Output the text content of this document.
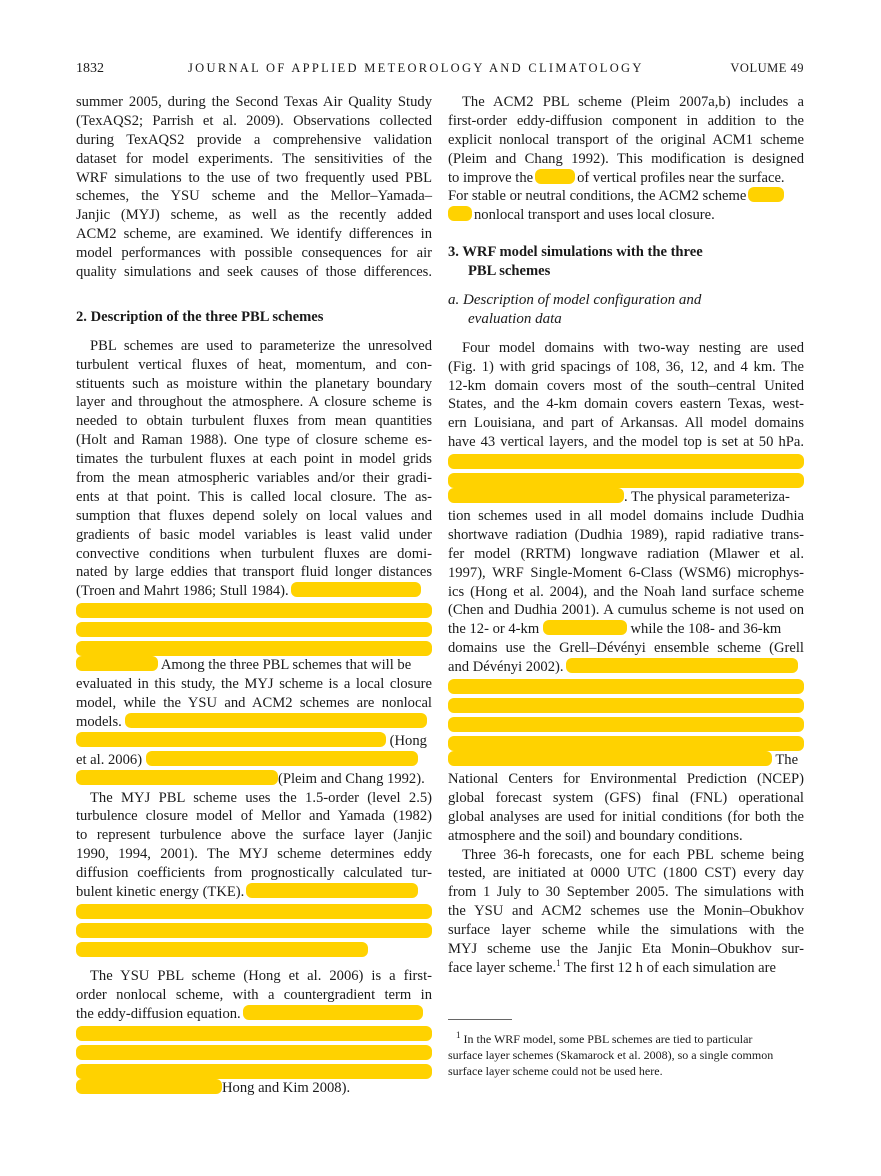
1832	JOURNAL OF APPLIED METEOROLOGY AND CLIMATOLOGY	VOLUME 49
summer 2005, during the Second Texas Air Quality Study
(TexAQS2; Parrish et al. 2009). Observations collected
during TexAQS2 provide a comprehensive validation
dataset for model experiments. The sensitivities of the
WRF simulations to the use of two frequently used PBL
schemes, the YSU scheme and the Mellor–Yamada–
Janjic (MYJ) scheme, as well as the recently added
ACM2 scheme, are examined. We identify differences in
model performances with possible consequences for air
quality simulations and seek causes of those differences.
2. Description of the three PBL schemes
PBL schemes are used to parameterize the unresolved
turbulent vertical fluxes of heat, momentum, and con-
stituents such as moisture within the planetary boundary
layer and throughout the atmosphere. A closure scheme is
needed to obtain turbulent fluxes from mean quantities
(Holt and Raman 1988). One type of closure scheme es-
timates the turbulent fluxes at each point in model grids
from the mean atmospheric variables and/or their gradi-
ents at that point. This is called local closure. The as-
sumption that fluxes depend solely on local values and
gradients of basic model variables is least valid under
convective conditions when turbulent fluxes are domi-
nated by large eddies that transport fluid longer distances
(Troen and Mahrt 1986; Stull 1984).
Among the three PBL schemes that will be
evaluated in this study, the MYJ scheme is a local closure
model, while the YSU and ACM2 schemes are nonlocal
models.
(Hong
et al. 2006)
(Pleim and Chang 1992).
The MYJ PBL scheme uses the 1.5-order (level 2.5)
turbulence closure model of Mellor and Yamada (1982)
to represent turbulence above the surface layer (Janjic
1990, 1994, 2001). The MYJ scheme determines eddy
diffusion coefficients from prognostically calculated tur-
bulent kinetic energy (TKE).
The YSU PBL scheme (Hong et al. 2006) is a first-
order nonlocal scheme, with a countergradient term in
the eddy-diffusion equation.
Hong and Kim 2008).
The ACM2 PBL scheme (Pleim 2007a,b) includes a
first-order eddy-diffusion component in addition to the
explicit nonlocal transport of the original ACM1 scheme
(Pleim and Chang 1992). This modification is designed
to improve the	of vertical profiles near the surface.
For stable or neutral conditions, the ACM2 scheme
nonlocal transport and uses local closure.
3. WRF model simulations with the three
PBL schemes
a. Description of model configuration and
evaluation data
Four model domains with two-way nesting are used
(Fig. 1) with grid spacings of 108, 36, 12, and 4 km. The
12-km domain covers most of the south–central United
States, and the 4-km domain covers eastern Texas, west-
ern Louisiana, and part of Arkansas. All model domains
have 43 vertical layers, and the model top is set at 50 hPa.
. The physical parameteriza-
tion schemes used in all model domains include Dudhia
shortwave radiation (Dudhia 1989), rapid radiative trans-
fer model (RRTM) longwave radiation (Mlawer et al.
1997), WRF Single-Moment 6-Class (WSM6) microphys-
ics (Hong et al. 2004), and the Noah land surface scheme
(Chen and Dudhia 2001). A cumulus scheme is not used on
the 12- or 4-km	while the 108- and 36-km
domains use the Grell–Dévényi ensemble scheme (Grell
and Dévényi 2002).
The
National Centers for Environmental Prediction (NCEP)
global forecast system (GFS) final (FNL) operational
global analyses are used for initial conditions (for both the
atmosphere and the soil) and boundary conditions.
Three 36-h forecasts, one for each PBL scheme being
tested, are initiated at 0000 UTC (1800 CST) every day
from 1 July to 30 September 2005. The simulations with
the YSU and ACM2 schemes use the Monin–Obukhov
surface layer scheme while the simulations with the
MYJ scheme use the Janjic Eta Monin–Obukhov sur-
face layer scheme.$^1$ The first 12 h of each simulation are
$^1$ In the WRF model, some PBL schemes are tied to particular
surface layer schemes (Skamarock et al. 2008), so a single common
surface layer scheme could not be used here.
